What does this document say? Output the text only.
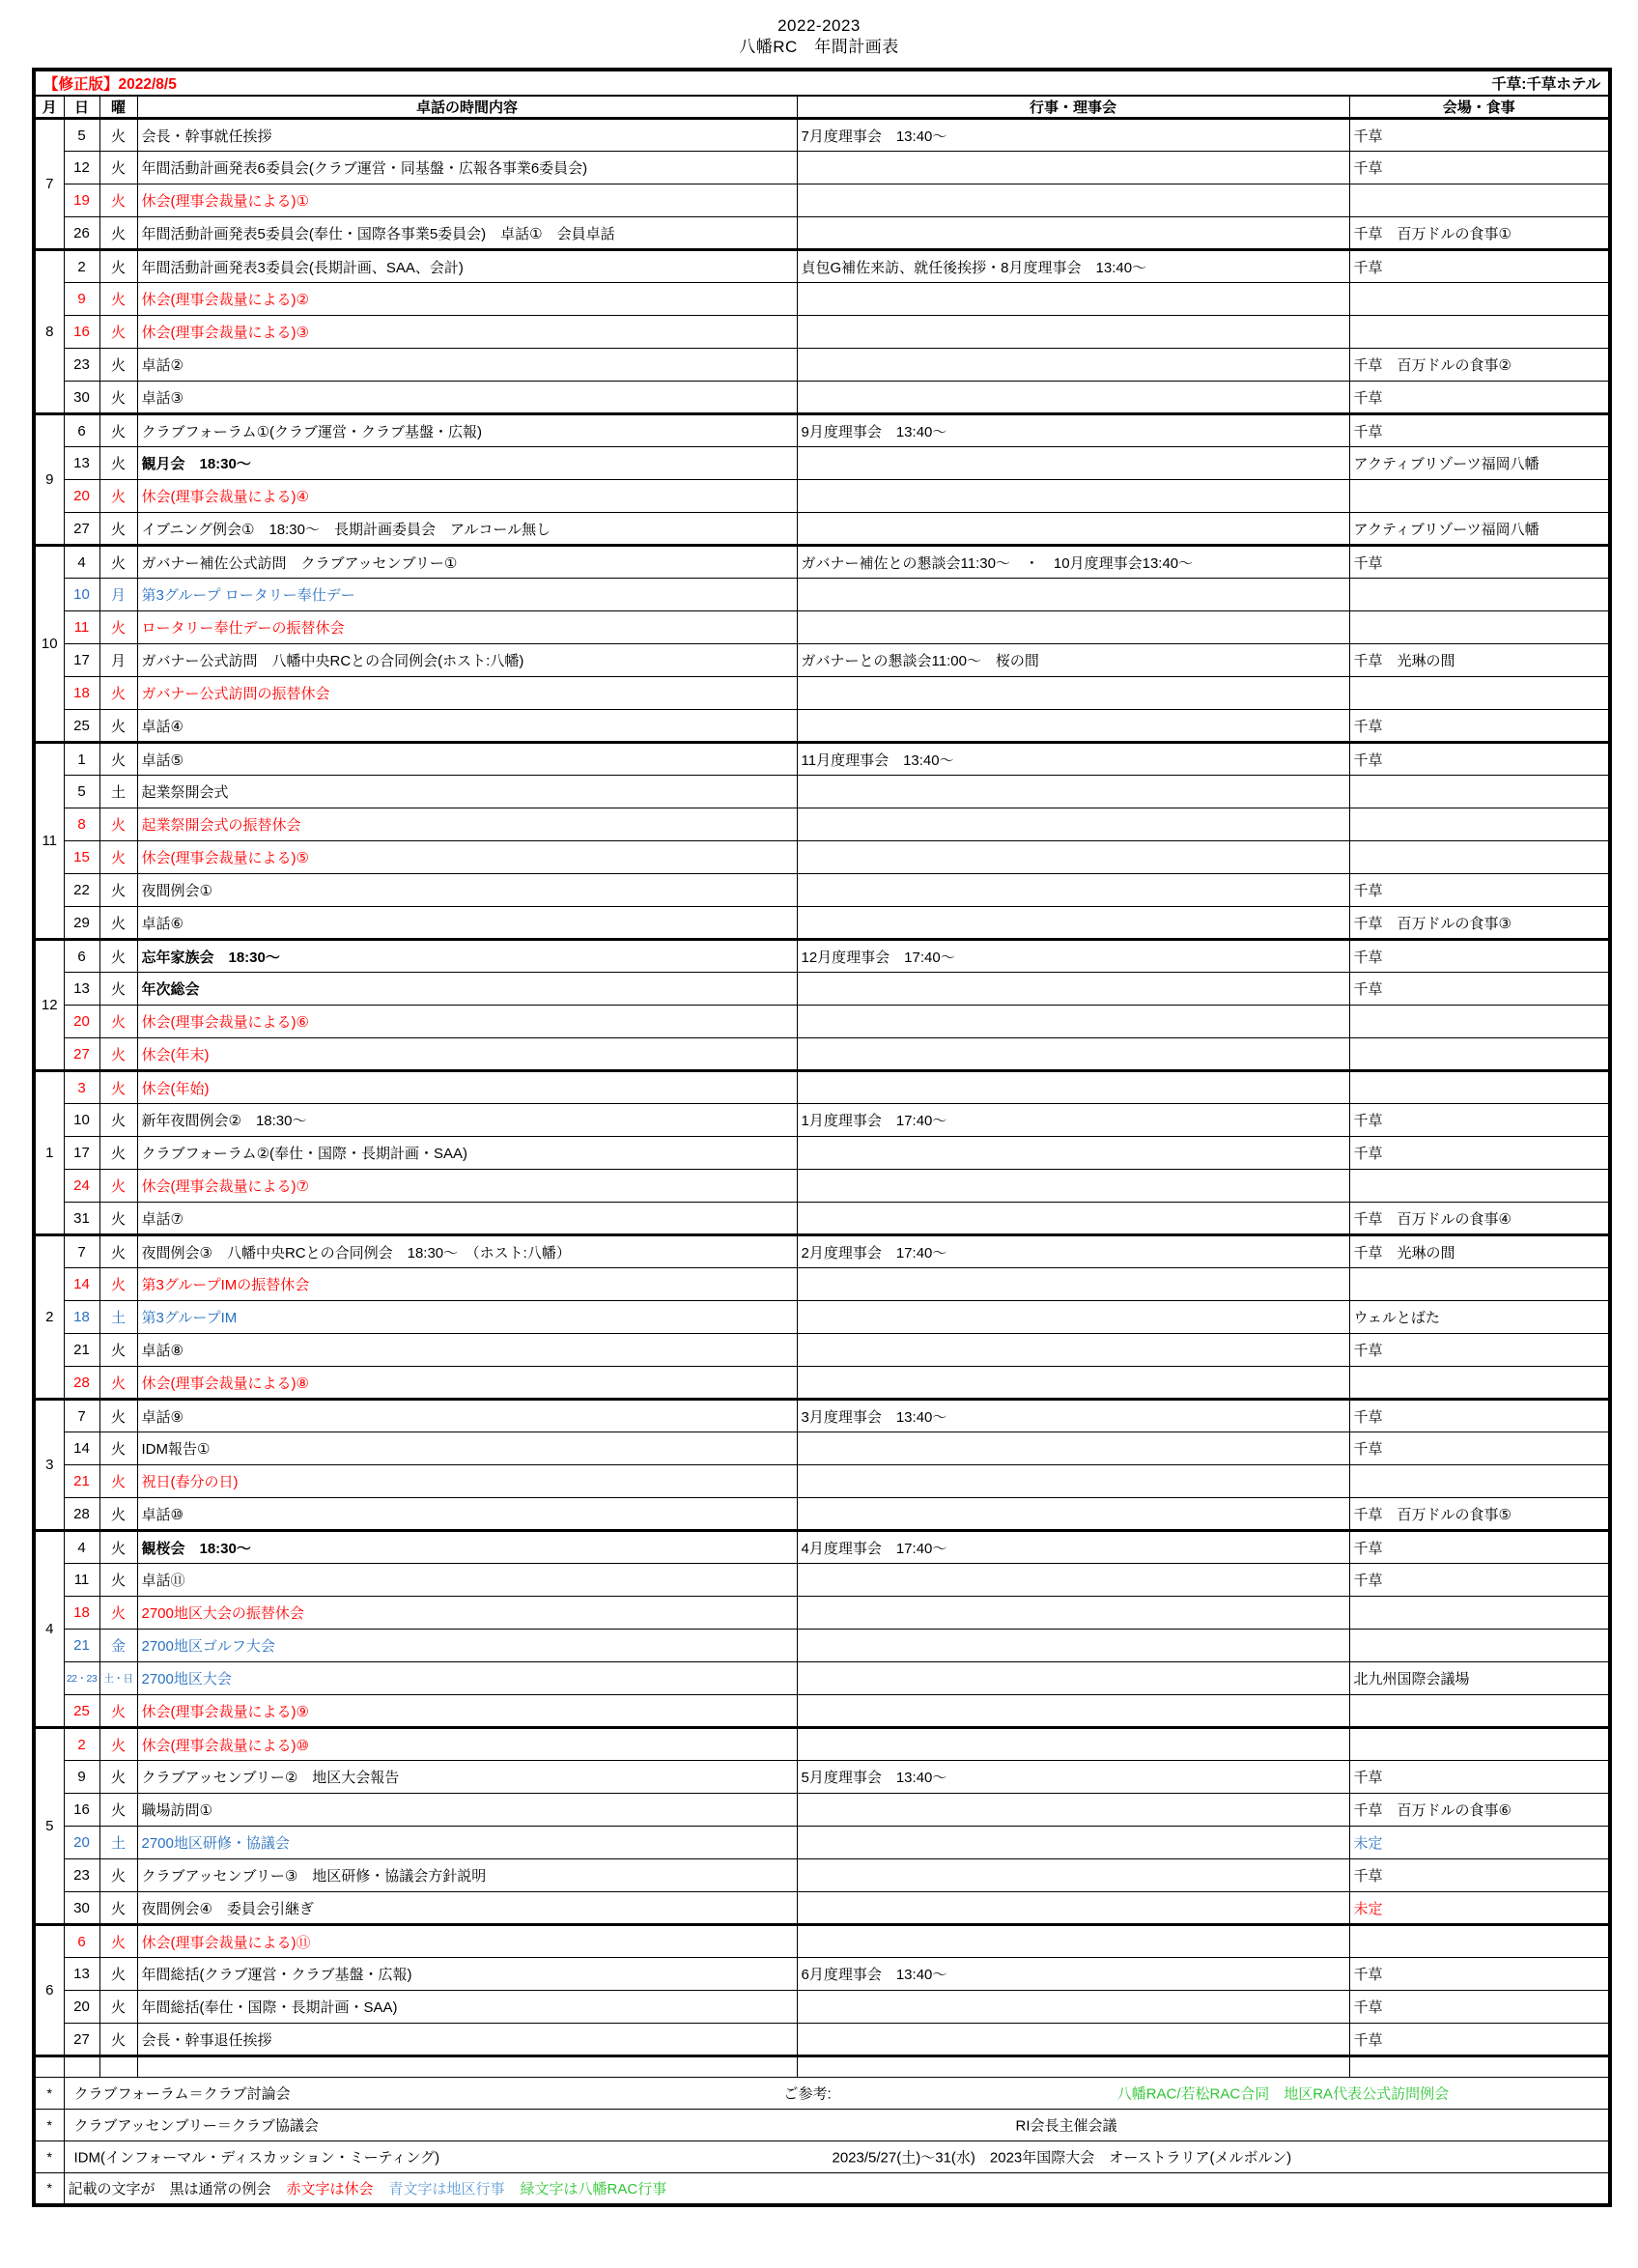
2022-2023
八幡RC　年間計画表
【修正版】2022/8/5 千草:千草ホテル					

月	日	曜	卓話の時間内容	行事・理事会	会場・食事
7	5	火	会長・幹事就任挨拶	7月度理事会　13:40～	千草
	12	火	年間活動計画発表6委員会(クラブ運営・同基盤・広報各事業6委員会)		千草
	19	火	休会(理事会裁量による)①		
	26	火	年間活動計画発表5委員会(奉仕・国際各事業5委員会)　卓話①　会員卓話		千草　百万ドルの食事①
8	2	火	年間活動計画発表3委員会(長期計画、SAA、会計)	貞包G補佐来訪、就任後挨拶・8月度理事会　13:40～	千草
	9	火	休会(理事会裁量による)②		
	16	火	休会(理事会裁量による)③		
	23	火	卓話②		千草　百万ドルの食事②
	30	火	卓話③		千草
9	6	火	クラブフォーラム①(クラブ運営・クラブ基盤・広報)	9月度理事会　13:40～	千草
	13	火	観月会　18:30～		アクティブリゾーツ福岡八幡
	20	火	休会(理事会裁量による)④		
	27	火	イブニング例会①　18:30～　長期計画委員会　アルコール無し		アクティブリゾーツ福岡八幡
10	4	火	ガバナー補佐公式訪問　クラブアッセンブリー①	ガバナー補佐との懇談会11:30～　・　10月度理事会13:40～	千草
	10	月	第3グループ ロータリー奉仕デー		
	11	火	ロータリー奉仕デーの振替休会		
	17	月	ガバナー公式訪問　八幡中央RCとの合同例会(ホスト:八幡)	ガバナーとの懇談会11:00～　桜の間	千草　光琳の間
	18	火	ガバナー公式訪問の振替休会		
	25	火	卓話④		千草
11	1	火	卓話⑤	11月度理事会　13:40～	千草
	5	土	起業祭開会式		
	8	火	起業祭開会式の振替休会		
	15	火	休会(理事会裁量による)⑤		
	22	火	夜間例会①		千草
	29	火	卓話⑥		千草　百万ドルの食事③
12	6	火	忘年家族会　18:30～	12月度理事会　17:40～	千草
	13	火	年次総会		千草
	20	火	休会(理事会裁量による)⑥		
	27	火	休会(年末)		
1	3	火	休会(年始)		
	10	火	新年夜間例会②　18:30～	1月度理事会　17:40～	千草
	17	火	クラブフォーラム②(奉仕・国際・長期計画・SAA)		千草
	24	火	休会(理事会裁量による)⑦		
	31	火	卓話⑦		千草　百万ドルの食事④
2	7	火	夜間例会③　八幡中央RCとの合同例会　18:30～　（ホスト:八幡）	2月度理事会　17:40～	千草　光琳の間
	14	火	第3グループIMの振替休会		
	18	土	第3グループIM		ウェルとばた
	21	火	卓話⑧		千草
	28	火	休会(理事会裁量による)⑧		
3	7	火	卓話⑨	3月度理事会　13:40～	千草
	14	火	IDM報告①		千草
	21	火	祝日(春分の日)		
	28	火	卓話⑩		千草　百万ドルの食事⑤
4	4	火	観桜会　18:30～	4月度理事会　17:40～	千草
	11	火	卓話⑪		千草
	18	火	2700地区大会の振替休会		
	21	金	2700地区ゴルフ大会		
	22・23	土・日	2700地区大会		北九州国際会議場
	25	火	休会(理事会裁量による)⑨		
5	2	火	休会(理事会裁量による)⑩		
	9	火	クラブアッセンブリー②　地区大会報告	5月度理事会　13:40～	千草
	16	火	職場訪問①		千草　百万ドルの食事⑥
	20	土	2700地区研修・協議会		未定
	23	火	クラブアッセンブリー③　地区研修・協議会方針説明		千草
	30	火	夜間例会④　委員会引継ぎ		未定
6	6	火	休会(理事会裁量による)⑪		
	13	火	年間総括(クラブ運営・クラブ基盤・広報)	6月度理事会　13:40～	千草
	20	火	年間総括(奉仕・国際・長期計画・SAA)		千草
	27	火	会長・幹事退任挨拶		千草

*	クラブフォーラム＝クラブ討論会 ご参考: 八幡RAC/若松RAC合同　地区RA代表公式訪問例会				

*	クラブアッセンブリー＝クラブ協議会 RI会長主催会議				

*	IDM(インフォーマル・ディスカッション・ミーティング) 2023/5/27(土)～31(水)　2023年国際大会　オーストラリア(メルボルン)				

*	記載の文字が　黒は通常の例会 赤文字は休会 青文字は地区行事 緑文字は八幡RAC行事				
